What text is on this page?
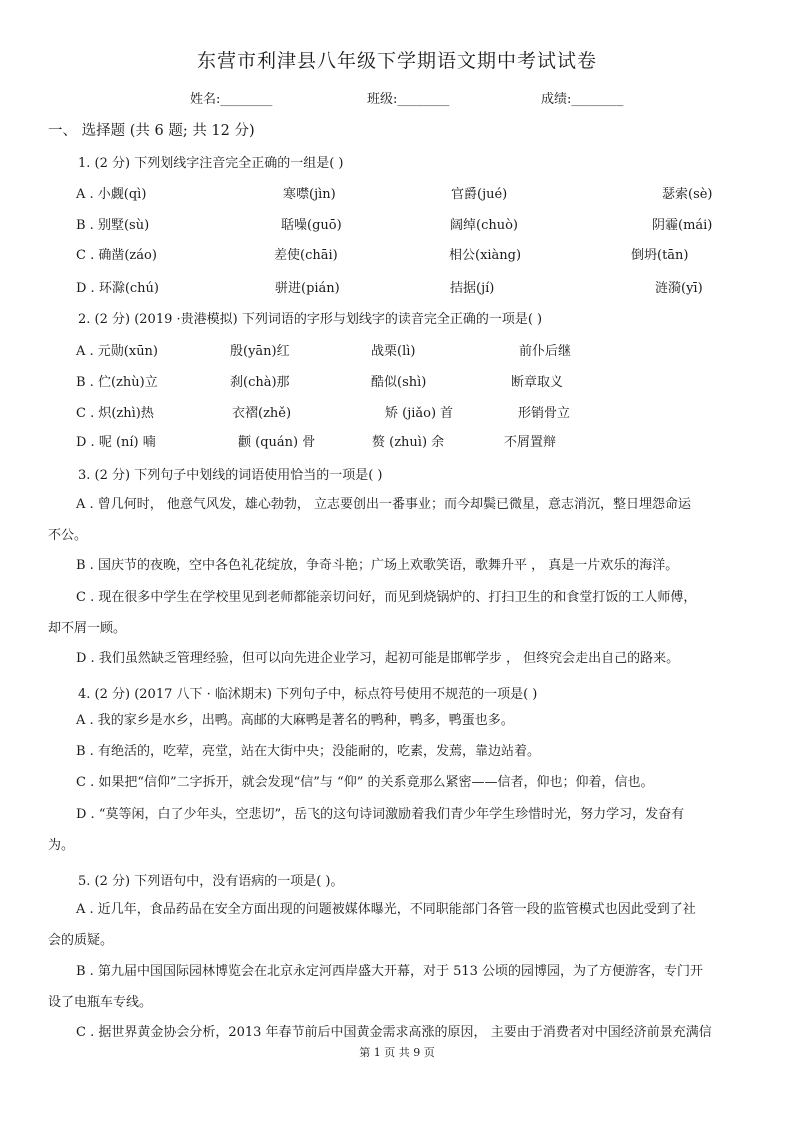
东营市利津县八年级下学期语文期中考试试卷
姓名:________	班级:________	成绩:________
一、 选择题 (共 6 题; 共 12 分)
1. (2 分) 下列划线字注音完全正确的一组是( )
A . 小觑(qì)	寒噤(jìn)	官爵(jué)	瑟索(sè)
B . 别墅(sù)	聒噪(guō)	阔绰(chuò)	阴霾(mái)
C . 确凿(záo)	差使(chāi)	相公(xiàng)	倒坍(tān)
D . 环滁(chú)	骈进(pián)	拮据(jí)	涟漪(yī)
2. (2 分) (2019 ·贵港模拟) 下列词语的字形与划线字的读音完全正确的一项是( )
A . 元勋(xūn)	殷(yān)红	战栗(lì)	前仆后继
B . 伫(zhù)立	刹(chà)那	酷似(shì)	断章取义
C . 炽(zhì)热	衣褶(zhě)	矫 (jiǎo) 首	形销骨立
D . 呢 (ní) 喃	颧 (quán) 骨	赘 (zhuì) 余	不屑置辩
3. (2 分) 下列句子中划线的词语使用恰当的一项是( )
A . 曾几何时， 他意气风发，雄心勃勃， 立志要创出一番事业；而今却鬓已微星，意志消沉，整日埋怨命运
不公。
B . 国庆节的夜晚，空中各色礼花绽放，争奇斗艳；广场上欢歌笑语，歌舞升平 ， 真是一片欢乐的海洋。
C . 现在很多中学生在学校里见到老师都能亲切问好，而见到烧锅炉的、打扫卫生的和食堂打饭的工人师傅，
却不屑一顾。
D . 我们虽然缺乏管理经验，但可以向先进企业学习，起初可能是邯郸学步 ， 但终究会走出自己的路来。
4. (2 分) (2017 八下 · 临沭期末) 下列句子中，标点符号使用不规范的一项是( )
A . 我的家乡是水乡，出鸭。高邮的大麻鸭是著名的鸭种，鸭多，鸭蛋也多。
B . 有绝活的，吃荤，亮堂，站在大街中央；没能耐的，吃素，发蔫，靠边站着。
C . 如果把“信仰”二字拆开，就会发现“信”与 “仰” 的关系竟那么紧密——信者，仰也；仰着，信也。
D . “莫等闲，白了少年头，空悲切”，岳飞的这句诗词激励着我们青少年学生珍惜时光，努力学习，发奋有
为。
5. (2 分) 下列语句中，没有语病的一项是( )。
A . 近几年，食品药品在安全方面出现的问题被媒体曝光，不同职能部门各管一段的监管模式也因此受到了社
会的质疑。
B . 第九届中国国际园林博览会在北京永定河西岸盛大开幕，对于 513 公顷的园博园，为了方便游客，专门开
设了电瓶车专线。
C . 据世界黄金协会分析，2013 年春节前后中国黄金需求高涨的原因， 主要由于消费者对中国经济前景充满信
第 1 页 共 9 页
